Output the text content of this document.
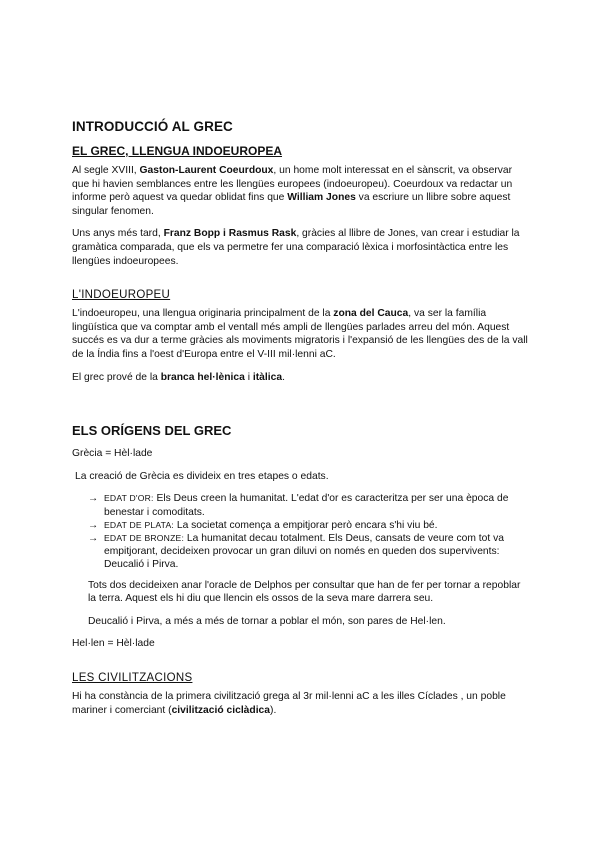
INTRODUCCIÓ AL GREC
EL GREC, LLENGUA INDOEUROPEA

Al segle XVIII, Gaston-Laurent Coeurdoux, un home molt interessat en el sànscrit, va observar que hi havien semblances entre les llengües europees (indoeuropeu). Coeurdoux va redactar un informe però aquest va quedar oblidat fins que William Jones va escriure un llibre sobre aquest singular fenomen.

Uns anys més tard, Franz Bopp i Rasmus Rask, gràcies al llibre de Jones, van crear i estudiar la gramàtica comparada, que els va permetre fer una comparació lèxica i morfosintàctica entre les llengües indoeuropees.

L'INDOEUROPEU

L'indoeuropeu, una llengua originaria principalment de la zona del Cauca, va ser la família lingüística que va comptar amb el ventall més ampli de llengües parlades arreu del món. Aquest succés es va dur a terme gràcies als moviments migratoris i l'expansió de les llengües des de la vall de la Índia fins a l'oest d'Europa entre el V-III mil·lenni aC.

El grec prové de la branca hel·lènica i itàlica.

ELS ORÍGENS DEL GREC

Grècia = Hèl·lade

La creació de Grècia es divideix en tres etapes o edats.

→ EDAT D'OR: Els Deus creen la humanitat. L'edat d'or es caracteritza per ser una època de benestar i comoditats.
→ EDAT DE PLATA: La societat comença a empitjorar però encara s'hi viu bé.
→ EDAT DE BRONZE: La humanitat decau totalment. Els Deus, cansats de veure com tot va empitjorant, decideixen provocar un gran diluvi on només en queden dos supervivents: Deucalió i Pirva.

Tots dos decideixen anar l'oracle de Delphos per consultar que han de fer per tornar a repoblar la terra. Aquest els hi diu que llencin els ossos de la seva mare darrera seu.

Deucalió i Pirva, a més a més de tornar a poblar el món, son pares de Hel·len.

Hel·len = Hèl·lade

LES CIVILITZACIONS

Hi ha constància de la primera civilització grega al 3r mil·lenni aC a les illes Cíclades , un poble mariner i comerciant (civilització ciclàdica).
